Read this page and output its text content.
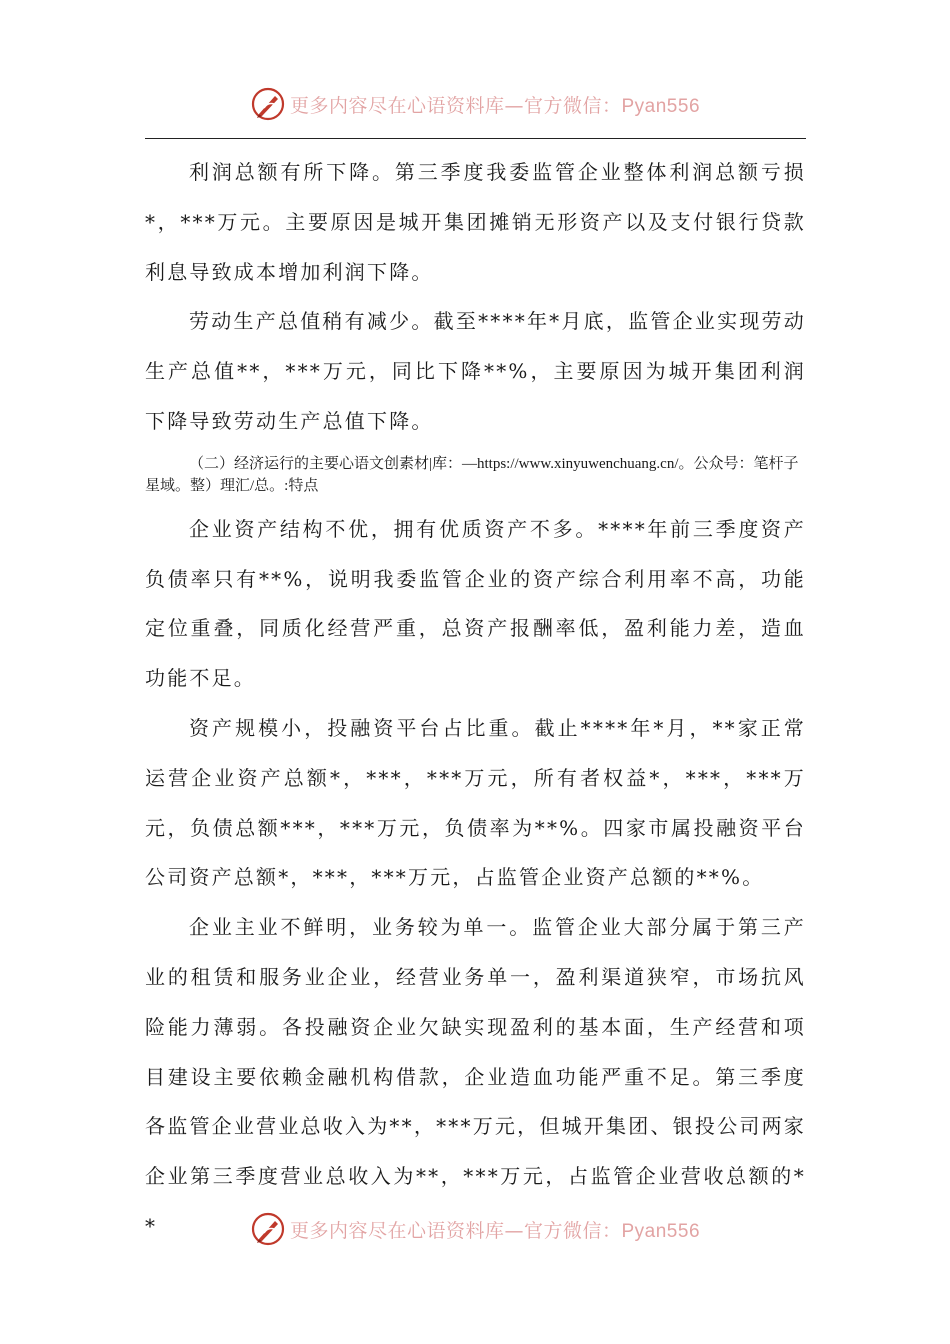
更多内容尽在心语资料库—官方微信：Pyan556

利润总额有所下降。第三季度我委监管企业整体利润总额亏损*，***万元。主要原因是城开集团摊销无形资产以及支付银行贷款利息导致成本增加利润下降。

劳动生产总值稍有减少。截至****年*月底，监管企业实现劳动生产总值**，***万元，同比下降**%，主要原因为城开集团利润下降导致劳动生产总值下降。

（二）经济运行的主要心语文创素材|库：—https://www.xinyuwenchuang.cn/。公众号：笔杆子星域。整）理汇/总。:特点

企业资产结构不优，拥有优质资产不多。****年前三季度资产负债率只有**%，说明我委监管企业的资产综合利用率不高，功能定位重叠，同质化经营严重，总资产报酬率低，盈利能力差，造血功能不足。

资产规模小，投融资平台占比重。截止****年*月，**家正常运营企业资产总额*，***，***万元，所有者权益*，***，***万元，负债总额***，***万元，负债率为**%。四家市属投融资平台公司资产总额*，***，***万元，占监管企业资产总额的**%。

企业主业不鲜明，业务较为单一。监管企业大部分属于第三产业的租赁和服务业企业，经营业务单一，盈利渠道狭窄，市场抗风险能力薄弱。各投融资企业欠缺实现盈利的基本面，生产经营和项目建设主要依赖金融机构借款，企业造血功能严重不足。第三季度各监管企业营业总收入为**，***万元，但城开集团、银投公司两家企业第三季度营业总收入为**，***万元，占监管企业营收总额的**	更多内容尽在心语资料库—官方微信：Pyan556
